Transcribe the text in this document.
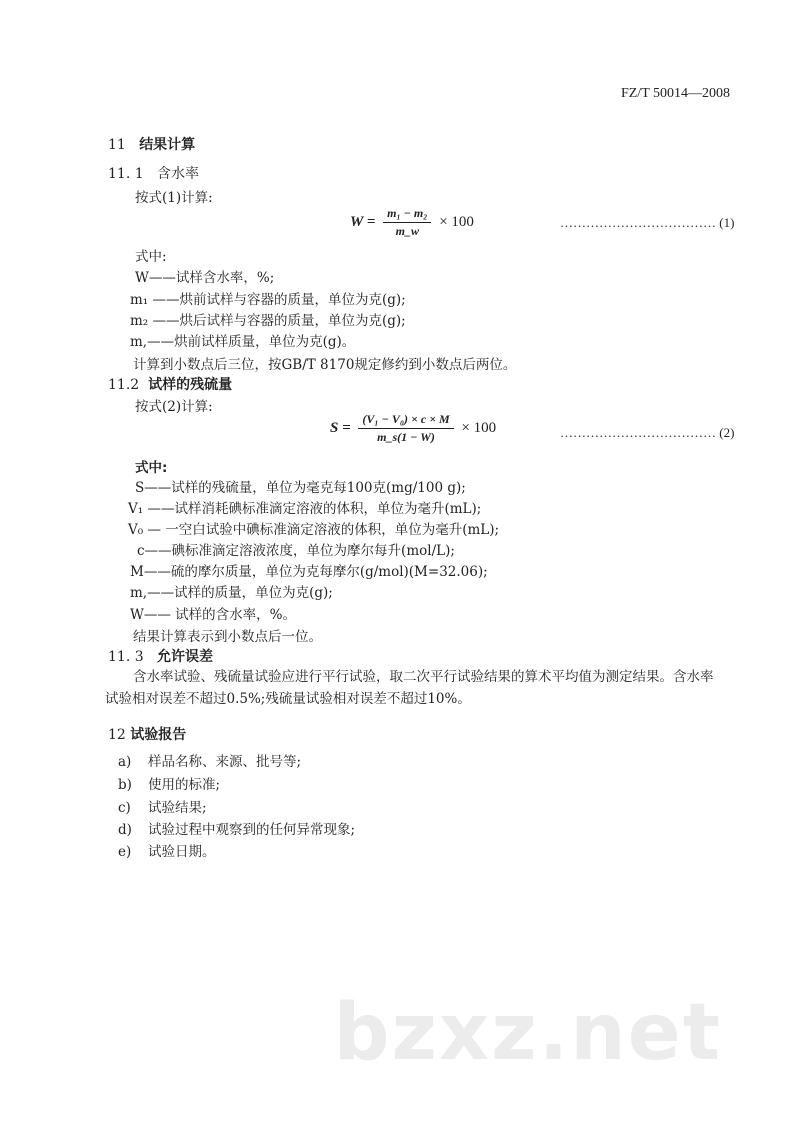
FZ/T 50014—2008
11 结果计算
11. 1 含水率
按式(1)计算:
$W = \frac{\text{m₁ − m₂}}{m\_w} \times 100$	……………………………… (1)
式中:
W——试样含水率，%;
m₁ ——烘前试样与容器的质量，单位为克(g);
m₂ ——烘后试样与容器的质量，单位为克(g);
m,——烘前试样质量，单位为克(g)。
计算到小数点后三位，按GB/T 8170规定修约到小数点后两位。
11.2 试样的残硫量
按式(2)计算:
$S = \frac{\text{(V₁ − V₀) × c × M}}{m\_s(1 - W)} \times 100$	……………………………… (2)
式中:
S——试样的残硫量，单位为毫克每100克(mg/100 g);
V₁ ——试样消耗碘标准滴定溶液的体积，单位为毫升(mL);
V₀ — 一空白试验中碘标准滴定溶液的体积，单位为毫升(mL);
c——碘标准滴定溶液浓度，单位为摩尔每升(mol/L);
M——硫的摩尔质量，单位为克每摩尔(g/mol)(M=32.06);
m,——试样的质量，单位为克(g);
W—— 试样的含水率，%。
结果计算表示到小数点后一位。
11. 3 允许误差
含水率试验、残硫量试验应进行平行试验，取二次平行试验结果的算术平均值为测定结果。含水率试验相对误差不超过0.5%;残硫量试验相对误差不超过10%。
12 试验报告
a) 样品名称、来源、批号等;
b) 使用的标准;
c) 试验结果;
d) 试验过程中观察到的任何异常现象;
e) 试验日期。
bzxz.net
